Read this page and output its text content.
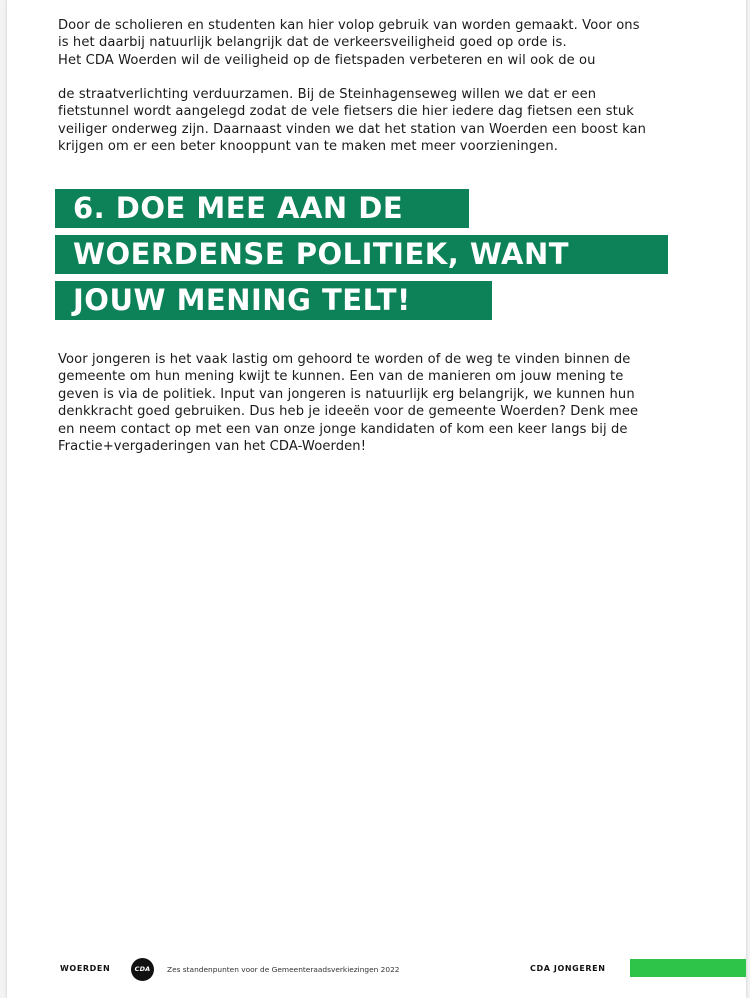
Door de scholieren en studenten kan hier volop gebruik van worden gemaakt. Voor ons
is het daarbij natuurlijk belangrijk dat de verkeersveiligheid goed op orde is.
Het CDA Woerden wil de veiligheid op de fietspaden verbeteren en wil ook de ou

de straatverlichting verduurzamen. Bij de Steinhagenseweg willen we dat er een
fietstunnel wordt aangelegd zodat de vele fietsers die hier iedere dag fietsen een stuk
veiliger onderweg zijn. Daarnaast vinden we dat het station van Woerden een boost kan
krijgen om er een beter knooppunt van te maken met meer voorzieningen.

6. DOE MEE AAN DE
WOERDENSE POLITIEK, WANT
JOUW MENING TELT!

Voor jongeren is het vaak lastig om gehoord te worden of de weg te vinden binnen de
gemeente om hun mening kwijt te kunnen. Een van de manieren om jouw mening te
geven is via de politiek. Input van jongeren is natuurlijk erg belangrijk, we kunnen hun
denkkracht goed gebruiken. Dus heb je ideeën voor de gemeente Woerden? Denk mee
en neem contact op met een van onze jonge kandidaten of kom een keer langs bij de
Fractie+vergaderingen van het CDA-Woerden!

WOERDEN	CDA	Zes standenpunten voor de Gemeenteraadsverkiezingen 2022	CDA JONGEREN
